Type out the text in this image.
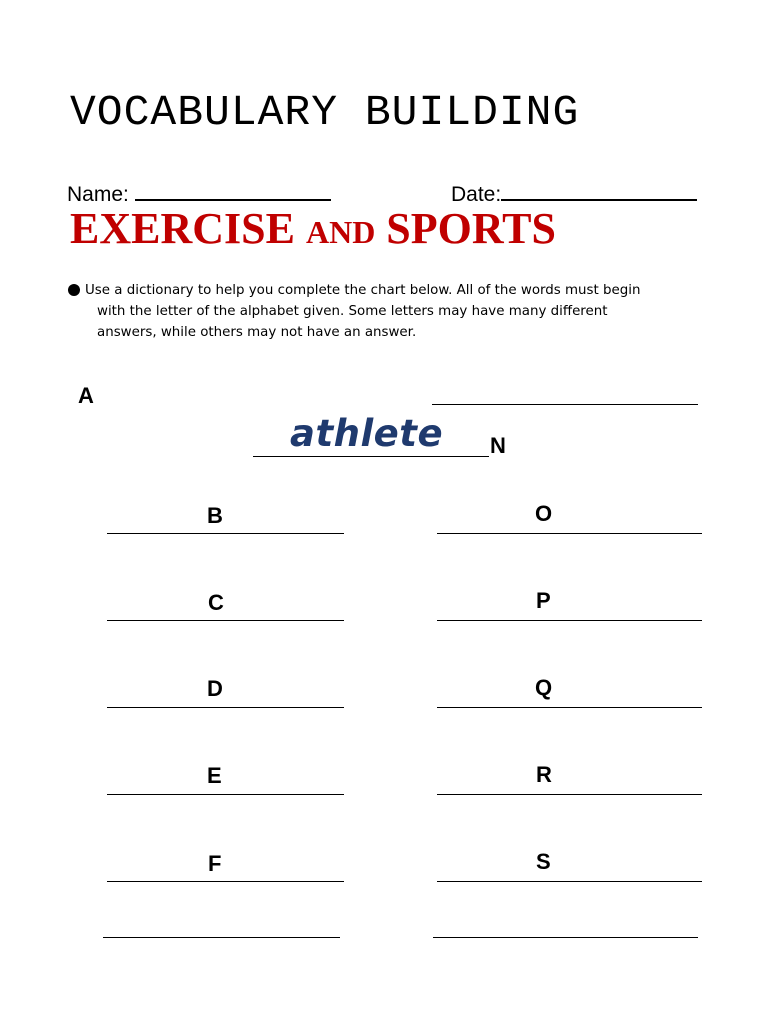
VOCABULARY BUILDING
Name:	Date:
EXERCISE AND SPORTS
Use a dictionary to help you complete the chart below. All of the words must begin
with the letter of the alphabet given. Some letters may have many different
answers, while others may not have an answer.
A
athlete N
B
C
D
E
F
O
P
Q
R
S
